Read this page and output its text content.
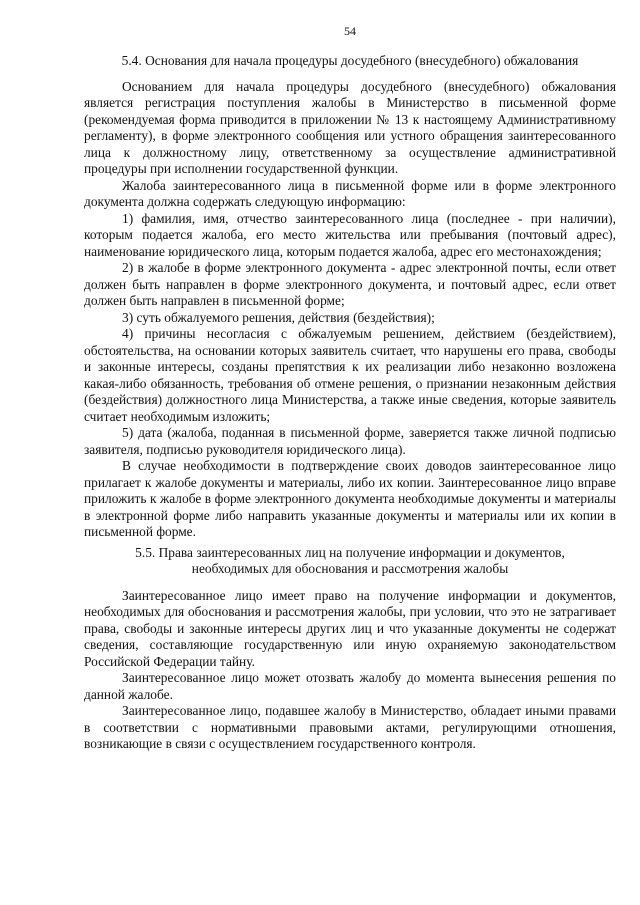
54
5.4. Основания для начала процедуры досудебного (внесудебного) обжалования

Основанием для начала процедуры досудебного (внесудебного) обжалования является регистрация поступления жалобы в Министерство в письменной форме (рекомендуемая форма приводится в приложении № 13 к настоящему Административному регламенту), в форме электронного сообщения или устного обращения заинтересованного лица к должностному лицу, ответственному за осуществление административной процедуры при исполнении государственной функции.

Жалоба заинтересованного лица в письменной форме или в форме электронного документа должна содержать следующую информацию:

1) фамилия, имя, отчество заинтересованного лица (последнее - при наличии), которым подается жалоба, его место жительства или пребывания (почтовый адрес), наименование юридического лица, которым подается жалоба, адрес его местонахождения;

2) в жалобе в форме электронного документа - адрес электронной почты, если ответ должен быть направлен в форме электронного документа, и почтовый адрес, если ответ должен быть направлен в письменной форме;

3) суть обжалуемого решения, действия (бездействия);

4) причины несогласия с обжалуемым решением, действием (бездействием), обстоятельства, на основании которых заявитель считает, что нарушены его права, свободы и законные интересы, созданы препятствия к их реализации либо незаконно возложена какая-либо обязанность, требования об отмене решения, о признании незаконным действия (бездействия) должностного лица Министерства, а также иные сведения, которые заявитель считает необходимым изложить;

5) дата (жалоба, поданная в письменной форме, заверяется также личной подписью заявителя, подписью руководителя юридического лица).

В случае необходимости в подтверждение своих доводов заинтересованное лицо прилагает к жалобе документы и материалы, либо их копии. Заинтересованное лицо вправе приложить к жалобе в форме электронного документа необходимые документы и материалы в электронной форме либо направить указанные документы и материалы или их копии в письменной форме.

5.5. Права заинтересованных лиц на получение информации и документов,
необходимых для обоснования и рассмотрения жалобы

Заинтересованное лицо имеет право на получение информации и документов, необходимых для обоснования и рассмотрения жалобы, при условии, что это не затрагивает права, свободы и законные интересы других лиц и что указанные документы не содержат сведения, составляющие государственную или иную охраняемую законодательством Российской Федерации тайну.

Заинтересованное лицо может отозвать жалобу до момента вынесения решения по данной жалобе.

Заинтересованное лицо, подавшее жалобу в Министерство, обладает иными правами в соответствии с нормативными правовыми актами, регулирующими отношения, возникающие в связи с осуществлением государственного контроля.
